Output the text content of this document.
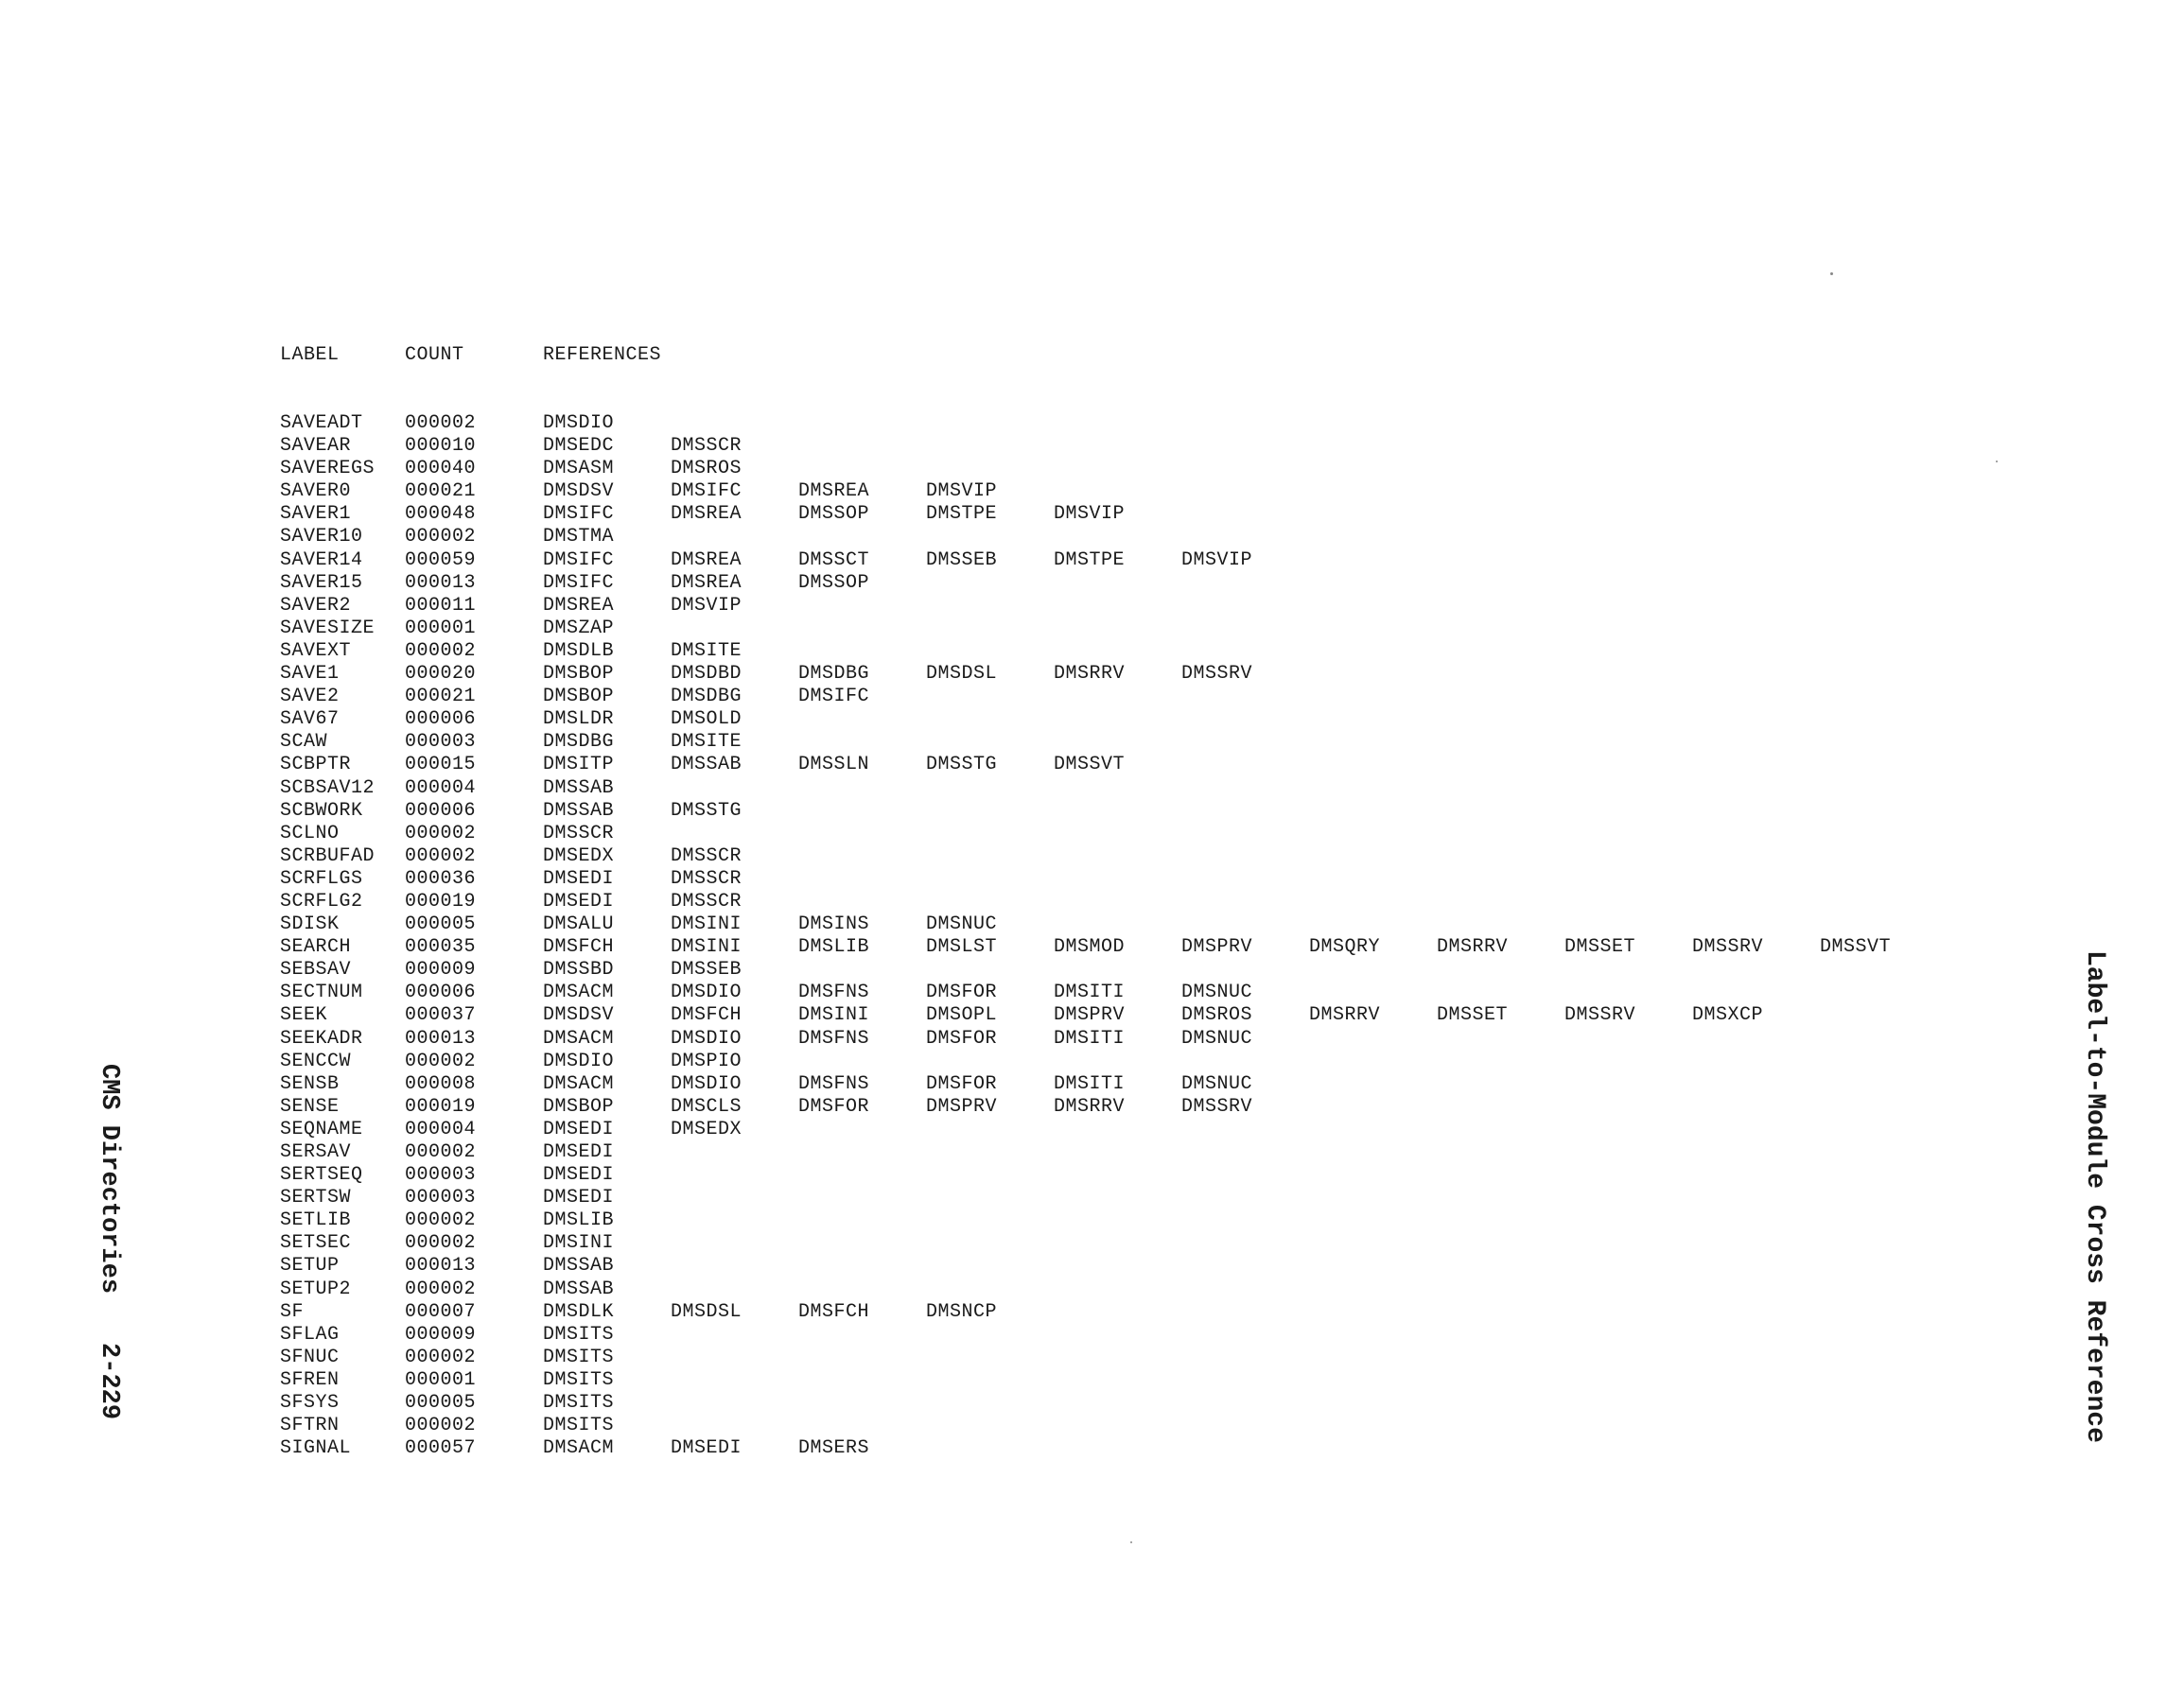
LABEL	COUNT	REFERENCES
SAVEADT 000002	DMSDIO
SAVEAR	000010	DMSEDC	DMSSCR
SAVEREGS 000040	DMSASM	DMSROS
SAVER0	000021	DMSDSV	DMSIFC	DMSREA	DMSVIP
SAVER1	000048	DMSIFC	DMSREA	DMSSOP	DMSTPE	DMSVIP
SAVER10 000002	DMSTMA
SAVER14 000059	DMSIFC	DMSREA	DMSSCT	DMSSEB	DMSTPE	DMSVIP
SAVER15 000013	DMSIFC	DMSREA	DMSSOP
SAVER2	000011	DMSREA	DMSVIP
SAVESIZE 000001	DMSZAP
SAVEXT	000002	DMSDLB	DMSITE
SAVE1	000020	DMSBOP	DMSDBD	DMSDBG	DMSDSL	DMSRRV	DMSSRV
SAVE2	000021	DMSBOP	DMSDBG	DMSIFC
SAV67	000006	DMSLDR	DMSOLD
SCAW	000003	DMSDBG	DMSITE
SCBPTR	000015	DMSITP	DMSSAB	DMSSLN	DMSSTG	DMSSVT
SCBSAV12 000004	DMSSAB
SCBWORK 000006	DMSSAB	DMSSTG
SCLNO	000002	DMSSCR
SCRBUFAD 000002	DMSEDX	DMSSCR
SCRFLGS 000036	DMSEDI	DMSSCR
SCRFLG2 000019	DMSEDI	DMSSCR
SDISK	000005	DMSALU	DMSINI	DMSINS	DMSNUC
SEARCH	000035	DMSFCH	DMSINI	DMSLIB	DMSLST	DMSMOD	DMSPRV	DMSQRY	DMSRRV	DMSSET	DMSSRV	DMSSVT
SEBSAV	000009	DMSSBD	DMSSEB
SECTNUM 000006	DMSACM	DMSDIO	DMSFNS	DMSFOR	DMSITI	DMSNUC
SEEK	000037	DMSDSV	DMSFCH	DMSINI	DMSOPL	DMSPRV	DMSROS	DMSRRV	DMSSET	DMSSRV	DMSXCP
SEEKADR 000013	DMSACM	DMSDIO	DMSFNS	DMSFOR	DMSITI	DMSNUC
SENCCW	000002	DMSDIO	DMSPIO
SENSB	000008	DMSACM	DMSDIO	DMSFNS	DMSFOR	DMSITI	DMSNUC
SENSE	000019	DMSBOP	DMSCLS	DMSFOR	DMSPRV	DMSRRV	DMSSRV
SEQNAME 000004	DMSEDI	DMSEDX
SERSAV	000002	DMSEDI
SERTSEQ 000003	DMSEDI
SERTSW	000003	DMSEDI
SETLIB	000002	DMSLIB
SETSEC	000002	DMSINI
SETUP	000013	DMSSAB
SETUP2	000002	DMSSAB
SF	000007	DMSDLK	DMSDSL	DMSFCH	DMSNCP
SFLAG	000009	DMSITS
SFNUC	000002	DMSITS
SFREN	000001	DMSITS
SFSYS	000005	DMSITS
SFTRN	000002	DMSITS
SIGNAL	000057	DMSACM	DMSEDI	DMSERS
CMS Directories2-229	Label-to-Module Cross Reference
